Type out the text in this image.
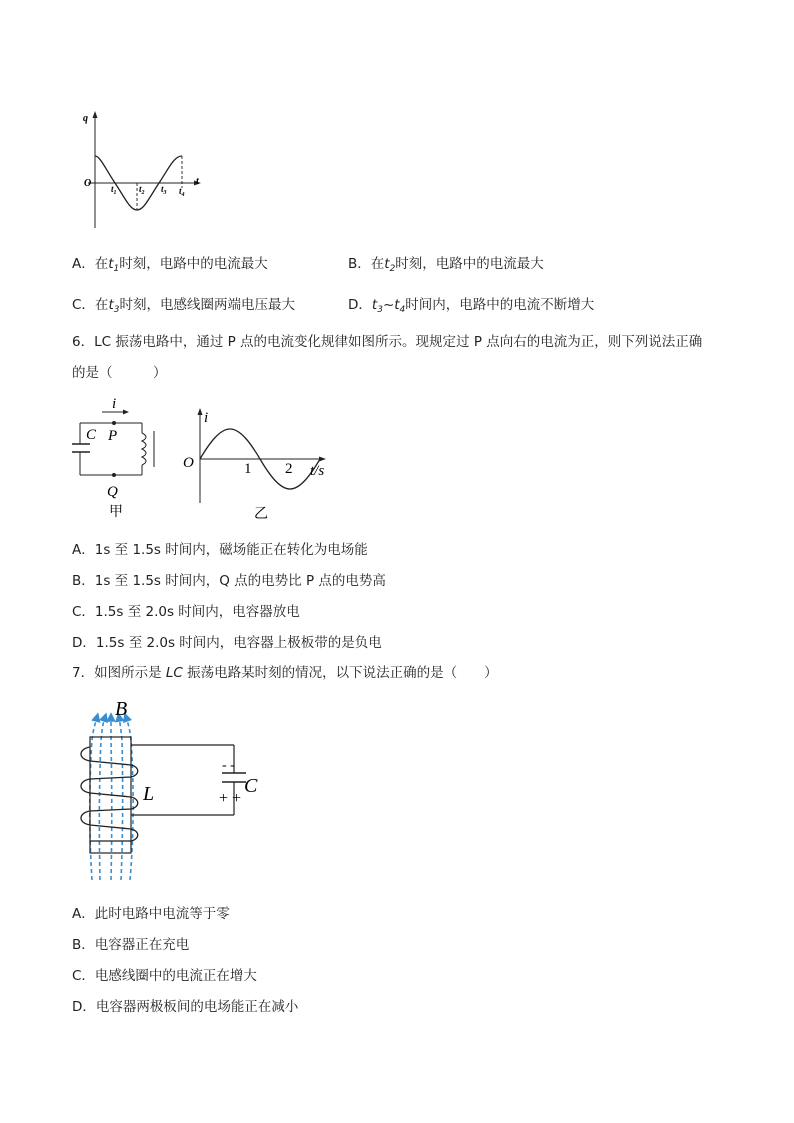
q
t
O $t_1$ $t_2$ $t_3$ $t_4$
A．在$t_1$时刻，电路中的电流最大	B．在$t_2$时刻，电路中的电流最大
C．在$t_3$时刻，电感线圈两端电压最大	D．$t_3\sim t_4$时间内，电路中的电流不断增大
6．LC 振荡电路中，通过 P 点的电流变化规律如图所示。现规定过 P 点向右的电流为正，则下列说法正确
的是（　　　）
i
P
C
Q
甲
i
O	1 2 t/s
乙
A．1s 至 1.5s 时间内，磁场能正在转化为电场能
B．1s 至 1.5s 时间内，Q 点的电势比 P 点的电势高
C．1.5s 至 2.0s 时间内，电容器放电
D．1.5s 至 2.0s 时间内，电容器上极板带的是负电
7．如图所示是 LC 振荡电路某时刻的情况，以下说法正确的是（　　）
B
L	C
- -
+ +
A．此时电路中电流等于零
B．电容器正在充电
C．电感线圈中的电流正在增大
D．电容器两极板间的电场能正在减小
